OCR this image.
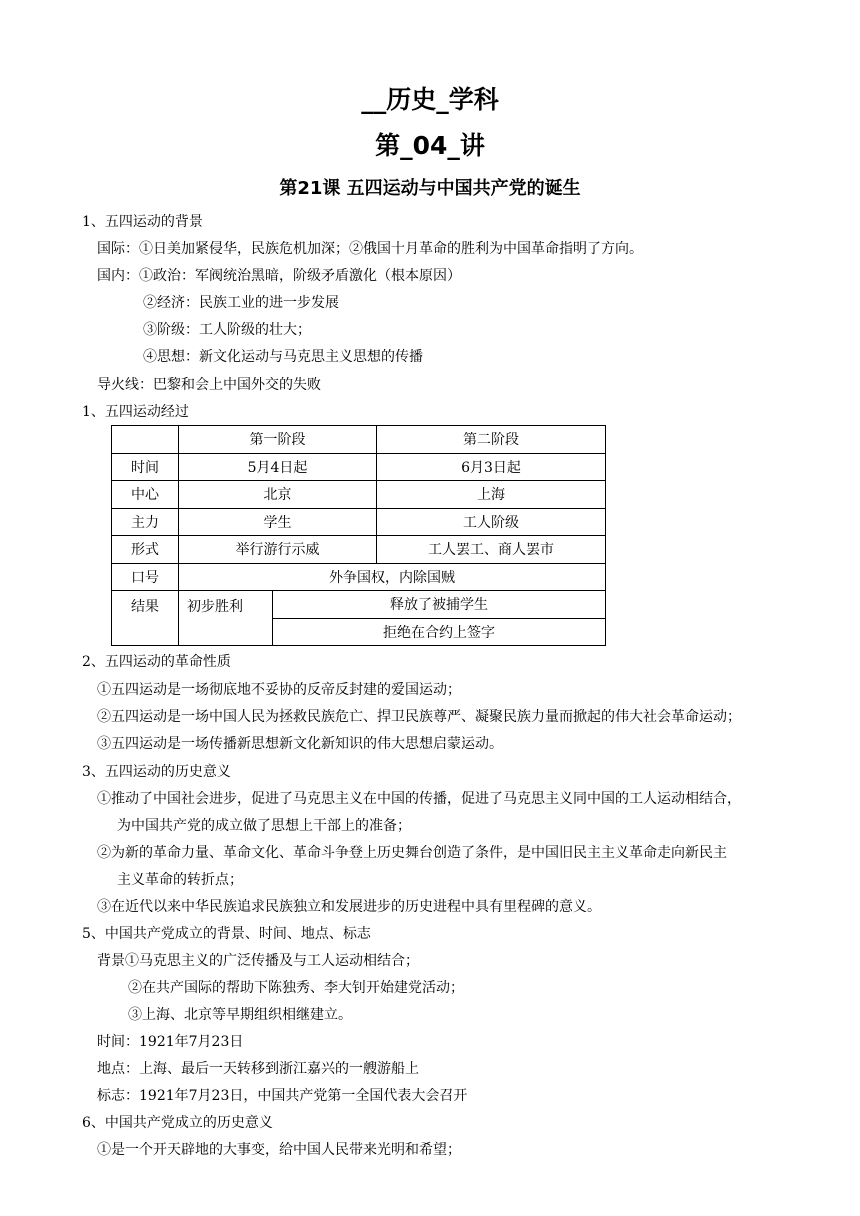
__历史_学科
第_04_讲
第21课 五四运动与中国共产党的诞生
1、五四运动的背景
国际：①日美加紧侵华，民族危机加深；②俄国十月革命的胜利为中国革命指明了方向。
国内：①政治：军阀统治黑暗，阶级矛盾激化（根本原因）
②经济：民族工业的进一步发展
③阶级：工人阶级的壮大；
④思想：新文化运动与马克思主义思想的传播
导火线：巴黎和会上中国外交的失败
1、五四运动经过
	第一阶段		第二阶段
时间	5月4日起		6月3日起
中心	北京		上海
主力	学生		工人阶级
形式	举行游行示威		工人罢工、商人罢市
口号	外争国权，内除国贼		
结果	初步胜利	释放了被捕学生	
		拒绝在合约上签字	
2、五四运动的革命性质
①五四运动是一场彻底地不妥协的反帝反封建的爱国运动；
②五四运动是一场中国人民为拯救民族危亡、捍卫民族尊严、凝聚民族力量而掀起的伟大社会革命运动；
③五四运动是一场传播新思想新文化新知识的伟大思想启蒙运动。
3、五四运动的历史意义
①推动了中国社会进步，促进了马克思主义在中国的传播，促进了马克思主义同中国的工人运动相结合，
为中国共产党的成立做了思想上干部上的准备；
②为新的革命力量、革命文化、革命斗争登上历史舞台创造了条件，是中国旧民主主义革命走向新民主
主义革命的转折点；
③在近代以来中华民族追求民族独立和发展进步的历史进程中具有里程碑的意义。
5、中国共产党成立的背景、时间、地点、标志
背景①马克思主义的广泛传播及与工人运动相结合；
②在共产国际的帮助下陈独秀、李大钊开始建党活动；
③上海、北京等早期组织相继建立。
时间：1921年7月23日
地点：上海、最后一天转移到浙江嘉兴的一艘游船上
标志：1921年7月23日，中国共产党第一全国代表大会召开
6、中国共产党成立的历史意义
①是一个开天辟地的大事变，给中国人民带来光明和希望；
